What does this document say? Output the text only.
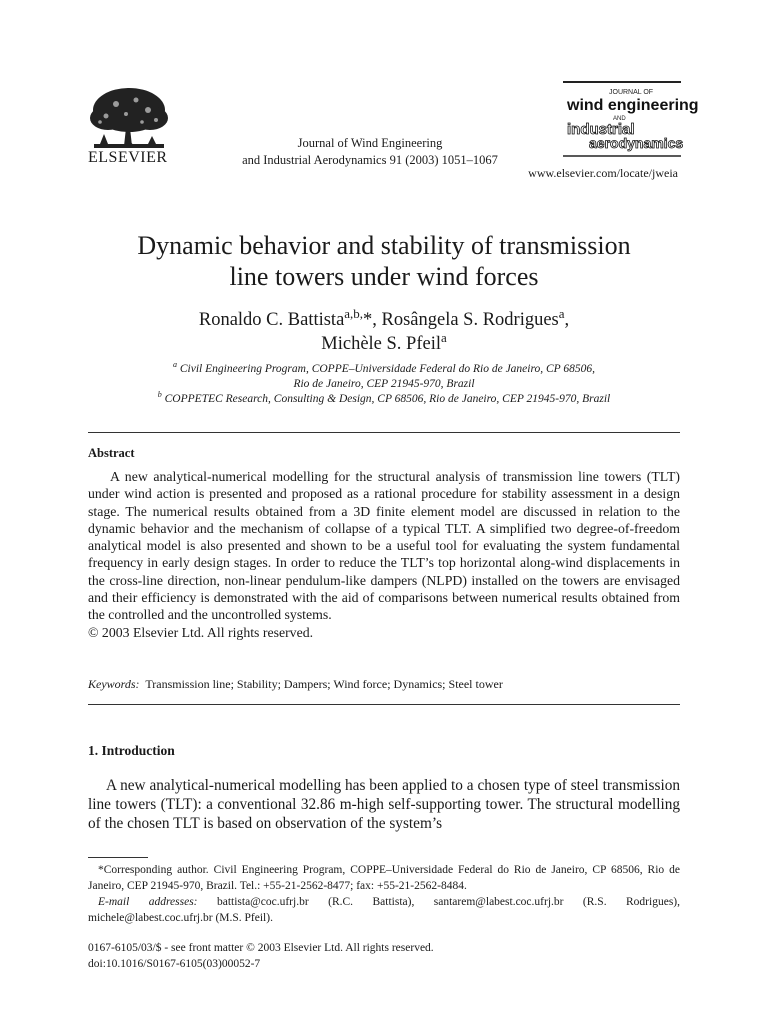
ELSEVIER
Journal of Wind Engineering
and Industrial Aerodynamics 91 (2003) 1051–1067
JOURNAL OF
wind engineering
AND
industrial
aerodynamics
www.elsevier.com/locate/jweia
Dynamic behavior and stability of transmission
line towers under wind forces
Ronaldo C. Battista$^{a,b,}$*, Rosângela S. Rodrigues$^a$,
Michèle S. Pfeil$^a$
$^a$ Civil Engineering Program, COPPE–Universidade Federal do Rio de Janeiro, CP 68506,
Rio de Janeiro, CEP 21945-970, Brazil
$^b$ COPPETEC Research, Consulting & Design, CP 68506, Rio de Janeiro, CEP 21945-970, Brazil
Abstract

A new analytical-numerical modelling for the structural analysis of transmission line towers (TLT) under wind action is presented and proposed as a rational procedure for stability assessment in a design stage. The numerical results obtained from a 3D finite element model are discussed in relation to the dynamic behavior and the mechanism of collapse of a typical TLT. A simplified two degree-of-freedom analytical model is also presented and shown to be a useful tool for evaluating the system fundamental frequency in early design stages. In order to reduce the TLT’s top horizontal along-wind displacements in the cross-line direction, non-linear pendulum-like dampers (NLPD) installed on the towers are envisaged and their efficiency is demonstrated with the aid of comparisons between numerical results obtained from the controlled and the uncontrolled systems.

© 2003 Elsevier Ltd. All rights reserved.

Keywords: Transmission line; Stability; Dampers; Wind force; Dynamics; Steel tower
1. Introduction

A new analytical-numerical modelling has been applied to a chosen type of steel transmission line towers (TLT): a conventional 32.86 m-high self-supporting tower. The structural modelling of the chosen TLT is based on observation of the system’s

*Corresponding author. Civil Engineering Program, COPPE–Universidade Federal do Rio de Janeiro, CP 68506, Rio de Janeiro, CEP 21945-970, Brazil. Tel.: +55-21-2562-8477; fax: +55-21-2562-8484.

E-mail addresses: battista@coc.ufrj.br (R.C. Battista), santarem@labest.coc.ufrj.br (R.S. Rodrigues), michele@labest.coc.ufrj.br (M.S. Pfeil).

0167-6105/03/$ - see front matter © 2003 Elsevier Ltd. All rights reserved.
doi:10.1016/S0167-6105(03)00052-7
